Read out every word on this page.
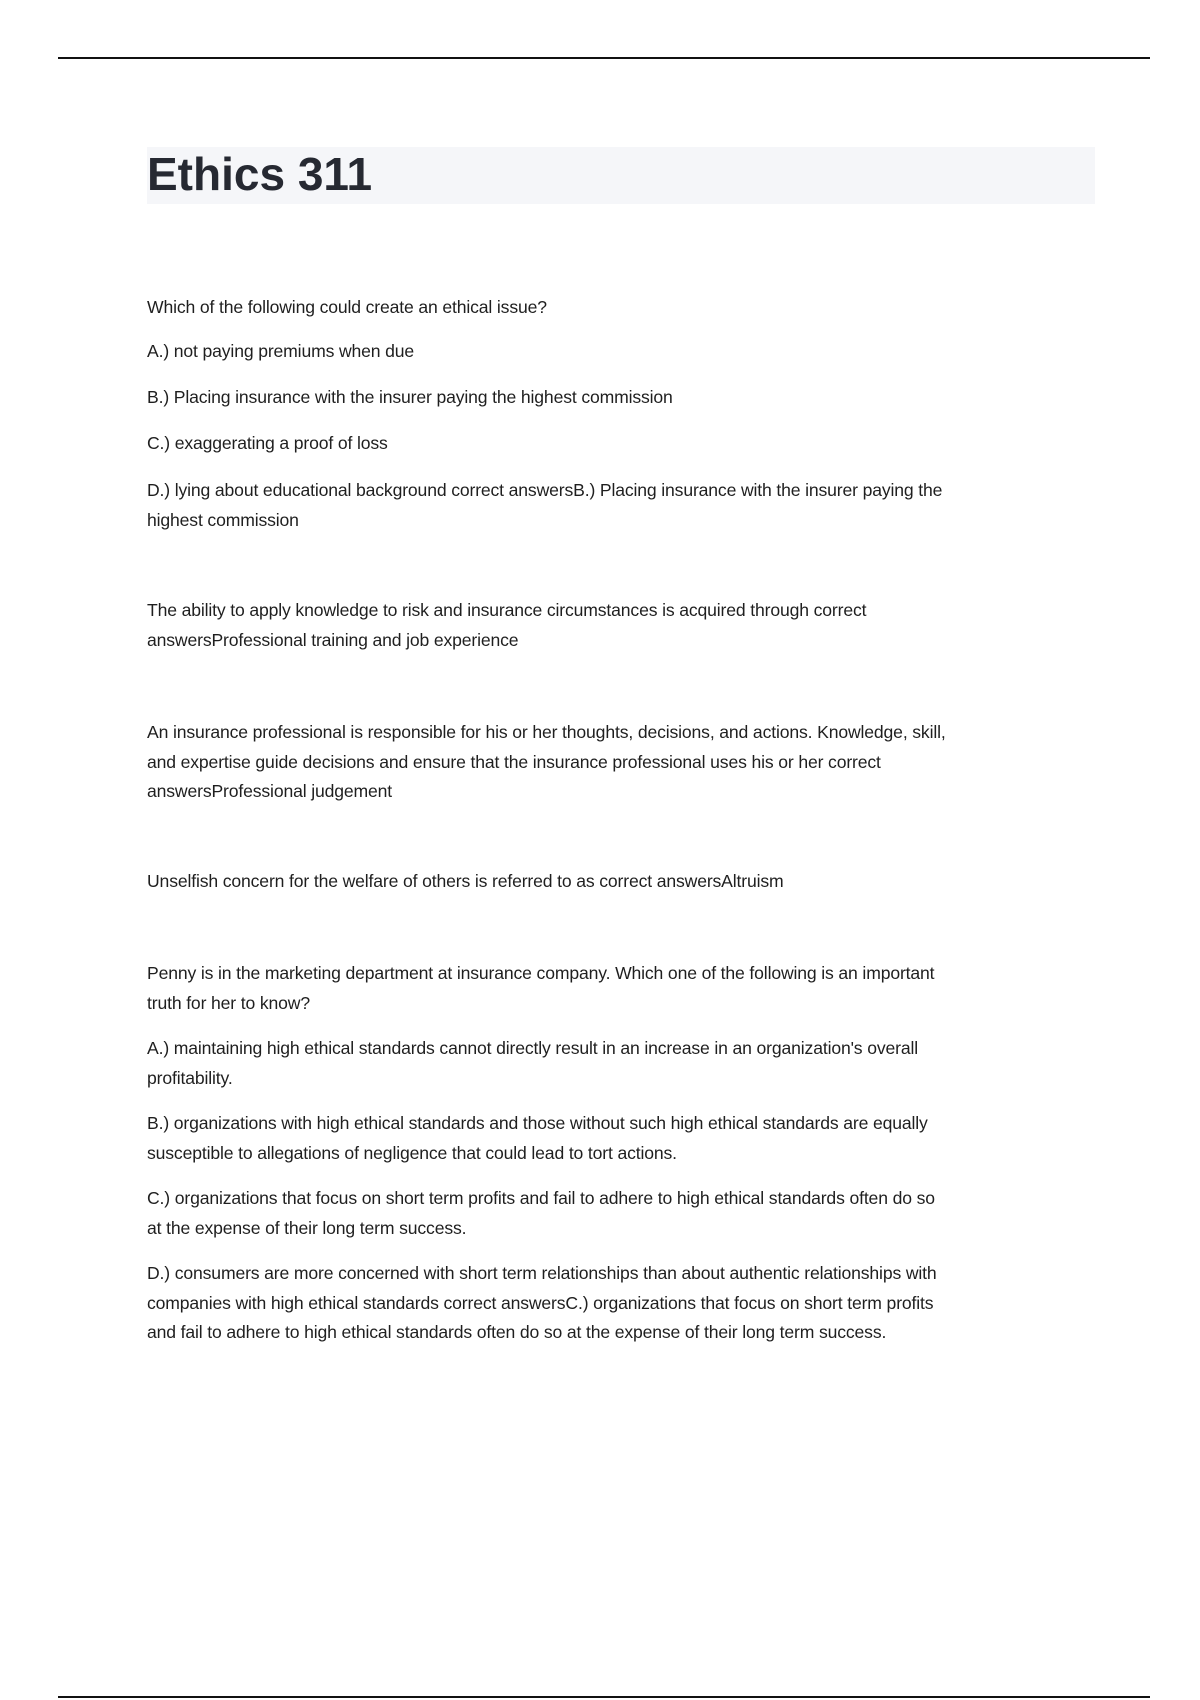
Ethics 311

Which of the following could create an ethical issue?

A.) not paying premiums when due

B.) Placing insurance with the insurer paying the highest commission

C.) exaggerating a proof of loss

D.) lying about educational background correct answersB.) Placing insurance with the insurer paying the
highest commission

The ability to apply knowledge to risk and insurance circumstances is acquired through correct
answersProfessional training and job experience

An insurance professional is responsible for his or her thoughts, decisions, and actions. Knowledge, skill,
and expertise guide decisions and ensure that the insurance professional uses his or her correct
answersProfessional judgement

Unselfish concern for the welfare of others is referred to as correct answersAltruism

Penny is in the marketing department at insurance company. Which one of the following is an important
truth for her to know?

A.) maintaining high ethical standards cannot directly result in an increase in an organization's overall
profitability.

B.) organizations with high ethical standards and those without such high ethical standards are equally
susceptible to allegations of negligence that could lead to tort actions.

C.) organizations that focus on short term profits and fail to adhere to high ethical standards often do so
at the expense of their long term success.

D.) consumers are more concerned with short term relationships than about authentic relationships with
companies with high ethical standards correct answersC.) organizations that focus on short term profits
and fail to adhere to high ethical standards often do so at the expense of their long term success.
